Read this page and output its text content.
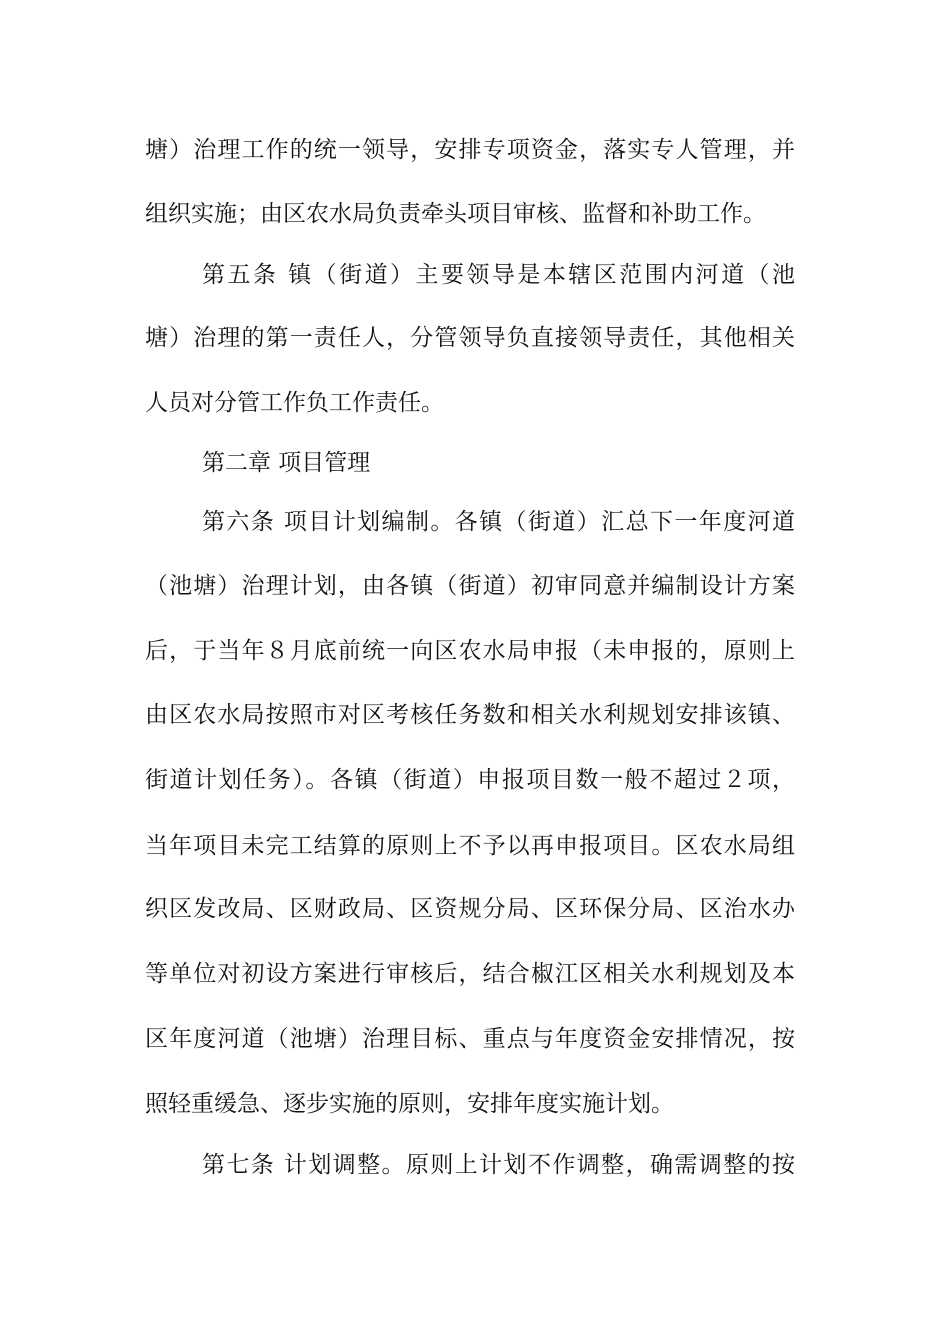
塘）治理工作的统一领导，安排专项资金，落实专人管理，并
组织实施；由区农水局负责牵头项目审核、监督和补助工作。
第五条 镇（街道）主要领导是本辖区范围内河道（池
塘）治理的第一责任人，分管领导负直接领导责任，其他相关
人员对分管工作负工作责任。
第二章 项目管理
第六条 项目计划编制。各镇（街道）汇总下一年度河道
（池塘）治理计划，由各镇（街道）初审同意并编制设计方案
后，于当年８月底前统一向区农水局申报（未申报的，原则上
由区农水局按照市对区考核任务数和相关水利规划安排该镇、
街道计划任务）。各镇（街道）申报项目数一般不超过２项，
当年项目未完工结算的原则上不予以再申报项目。区农水局组
织区发改局、区财政局、区资规分局、区环保分局、区治水办
等单位对初设方案进行审核后，结合椒江区相关水利规划及本
区年度河道（池塘）治理目标、重点与年度资金安排情况，按
照轻重缓急、逐步实施的原则，安排年度实施计划。
第七条 计划调整。原则上计划不作调整，确需调整的按
